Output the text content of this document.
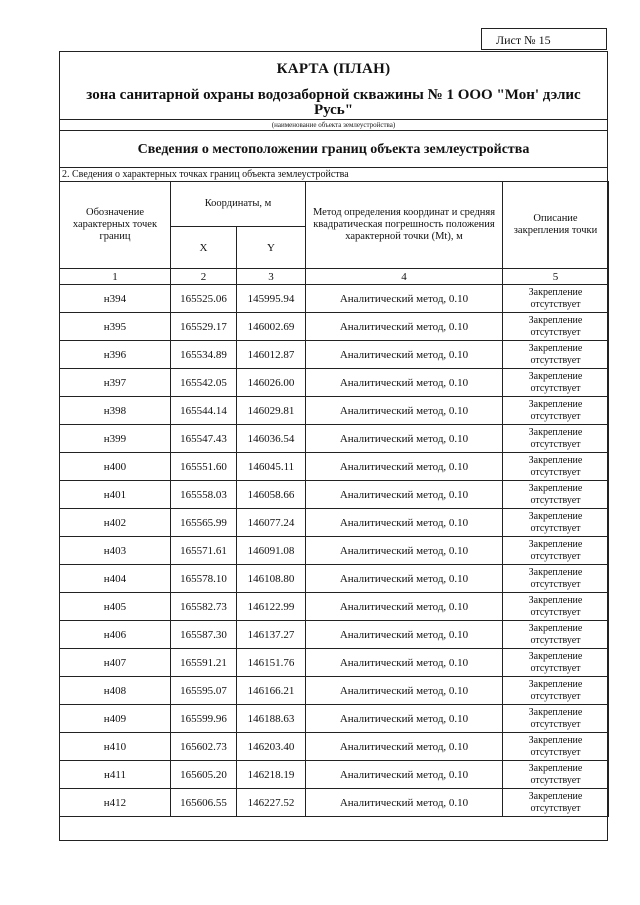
Лист № 15
КАРТА (ПЛАН)
зона санитарной охраны водозаборной скважины № 1 ООО "Мон' дэлис Русь"
(наименование объекта землеустройства)
Сведения о местоположении границ объекта землеустройства
2. Сведения о характерных точках границ объекта землеустройства
Обозначение характерных точек границ	Координаты, м		Метод определения координат и средняя квадратическая погрешность положения характерной точки (Mt), м	Описание закрепления точки

	X	Y		
1	2	3	4	5
н394	165525.06	145995.94	Аналитический метод, 0.10	Закрепление отсутствует
н395	165529.17	146002.69	Аналитический метод, 0.10	Закрепление отсутствует
н396	165534.89	146012.87	Аналитический метод, 0.10	Закрепление отсутствует
н397	165542.05	146026.00	Аналитический метод, 0.10	Закрепление отсутствует
н398	165544.14	146029.81	Аналитический метод, 0.10	Закрепление отсутствует
н399	165547.43	146036.54	Аналитический метод, 0.10	Закрепление отсутствует
н400	165551.60	146045.11	Аналитический метод, 0.10	Закрепление отсутствует
н401	165558.03	146058.66	Аналитический метод, 0.10	Закрепление отсутствует
н402	165565.99	146077.24	Аналитический метод, 0.10	Закрепление отсутствует
н403	165571.61	146091.08	Аналитический метод, 0.10	Закрепление отсутствует
н404	165578.10	146108.80	Аналитический метод, 0.10	Закрепление отсутствует
н405	165582.73	146122.99	Аналитический метод, 0.10	Закрепление отсутствует
н406	165587.30	146137.27	Аналитический метод, 0.10	Закрепление отсутствует
н407	165591.21	146151.76	Аналитический метод, 0.10	Закрепление отсутствует
н408	165595.07	146166.21	Аналитический метод, 0.10	Закрепление отсутствует
н409	165599.96	146188.63	Аналитический метод, 0.10	Закрепление отсутствует
н410	165602.73	146203.40	Аналитический метод, 0.10	Закрепление отсутствует
н411	165605.20	146218.19	Аналитический метод, 0.10	Закрепление отсутствует
н412	165606.55	146227.52	Аналитический метод, 0.10	Закрепление отсутствует
